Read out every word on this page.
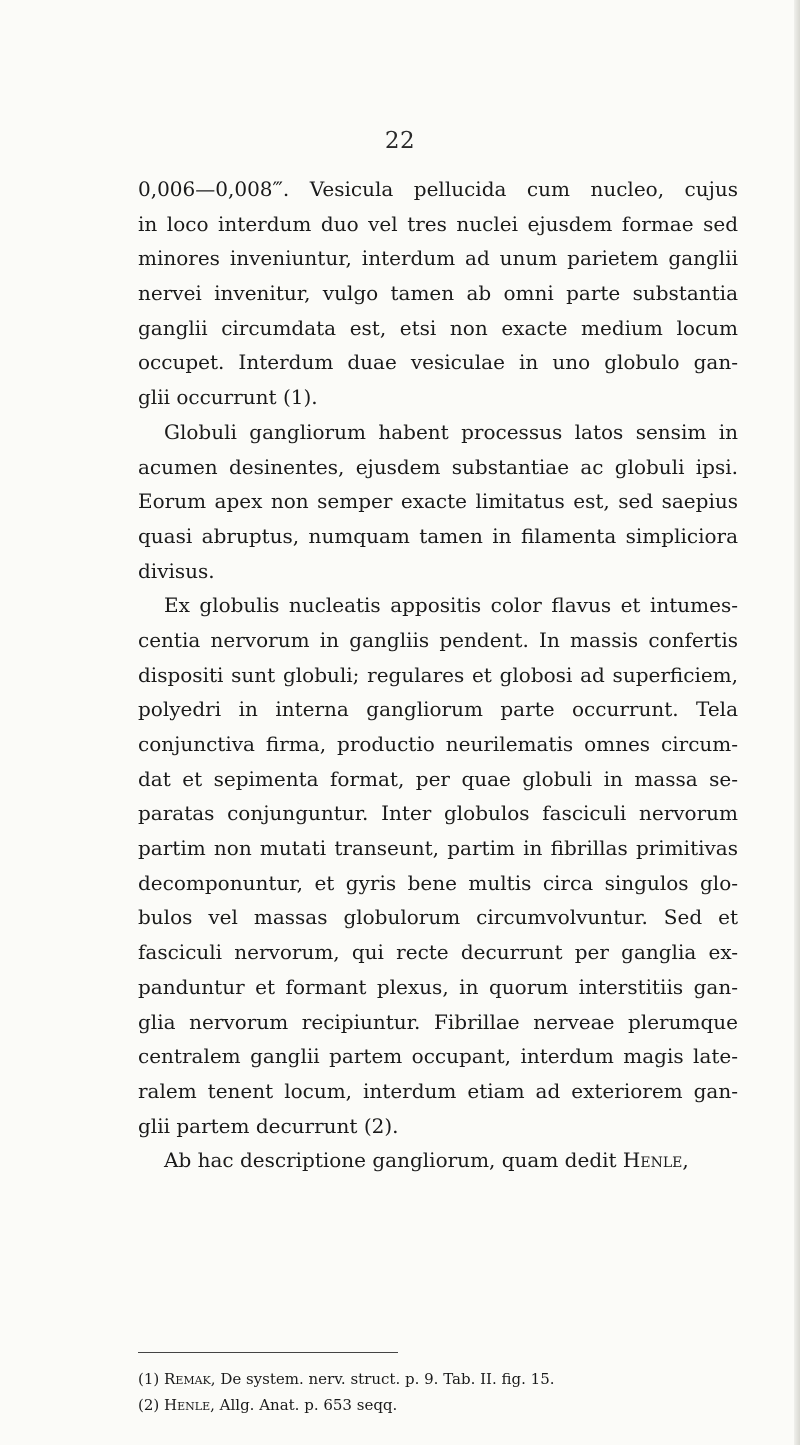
22
0,006—0,008‴. Vesicula pellucida cum nucleo, cujus
in loco interdum duo vel tres nuclei ejusdem formae sed
minores inveniuntur, interdum ad unum parietem ganglii
nervei invenitur, vulgo tamen ab omni parte substantia
ganglii circumdata est, etsi non exacte medium locum
occupet. Interdum duae vesiculae in uno globulo gan-
glii occurrunt (1).
Globuli gangliorum habent processus latos sensim in
acumen desinentes, ejusdem substantiae ac globuli ipsi.
Eorum apex non semper exacte limitatus est, sed saepius
quasi abruptus, numquam tamen in filamenta simpliciora
divisus.
Ex globulis nucleatis appositis color flavus et intumes-
centia nervorum in gangliis pendent. In massis confertis
dispositi sunt globuli; regulares et globosi ad superficiem,
polyedri in interna gangliorum parte occurrunt. Tela
conjunctiva firma, productio neurilematis omnes circum-
dat et sepimenta format, per quae globuli in massa se-
paratas conjunguntur. Inter globulos fasciculi nervorum
partim non mutati transeunt, partim in fibrillas primitivas
decomponuntur, et gyris bene multis circa singulos glo-
bulos vel massas globulorum circumvolvuntur. Sed et
fasciculi nervorum, qui recte decurrunt per ganglia ex-
panduntur et formant plexus, in quorum interstitiis gan-
glia nervorum recipiuntur. Fibrillae nerveae plerumque
centralem ganglii partem occupant, interdum magis late-
ralem tenent locum, interdum etiam ad exteriorem gan-
glii partem decurrunt (2).
Ab hac descriptione gangliorum, quam dedit Henle,
(1) Remak, De system. nerv. struct. p. 9. Tab. II. fig. 15.
(2) Henle, Allg. Anat. p. 653 seqq.
